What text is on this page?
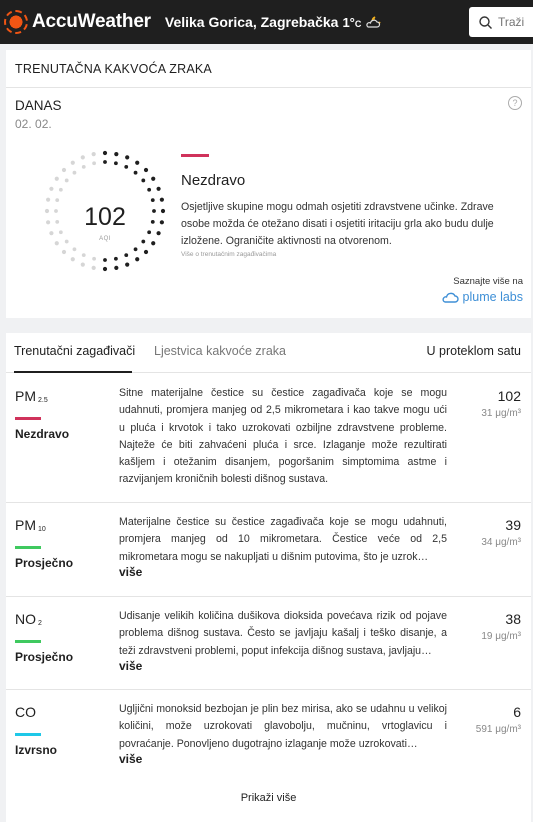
AccuWeather Velika Gorica, Zagrebačka 1°C
Traži
TRENUTAČNA KAKVOĆA ZRAKA
DANAS
02. 02.
?
102
AQI
Nezdravo
Osjetljive skupine mogu odmah osjetiti zdravstvene učinke. Zdrave osobe možda će otežano disati i osjetiti iritaciju grla ako budu dulje izložene. Ograničite aktivnosti na otvorenom.
Više o trenutačnim zagađivačima
Saznajte više na
plume labs
Trenutačni zagađivači Ljestvica kakvoće zraka	U proteklom satu
PM $_{2.5}$
Nezdravo
Sitne materijalne čestice su čestice zagađivača koje se mogu udahnuti, promjera manjeg od 2,5 mikrometara i kao takve mogu ući u pluća i krvotok i tako uzrokovati ozbiljne zdravstvene probleme. Najteže će biti zahvaćeni pluća i srce. Izlaganje može rezultirati kašljem i otežanim disanjem, pogoršanim simptomima astme i razvijanjem kroničnih bolesti dišnog sustava.
102
31 μg/m³
PM $_{10}$
Prosječno
Materijalne čestice su čestice zagađivača koje se mogu udahnuti, promjera manjeg od 10 mikrometara. Čestice veće od 2,5 mikrometara mogu se nakupljati u dišnim putovima, što je uzrok…
više
39
34 μg/m³
NO $_2$
Prosječno
Udisanje velikih količina dušikova dioksida povećava rizik od pojave problema dišnog sustava. Često se javljaju kašalj i teško disanje, a teži zdravstveni problemi, poput infekcija dišnog sustava, javljaju…
više
38
19 μg/m³
CO
Izvrsno
Ugljični monoksid bezbojan je plin bez mirisa, ako se udahnu u velikoj količini, može uzrokovati glavobolju, mučninu, vrtoglavicu i povraćanje. Ponovljeno dugotrajno izlaganje može uzrokovati…
više
6
591 μg/m³
Prikaži više
